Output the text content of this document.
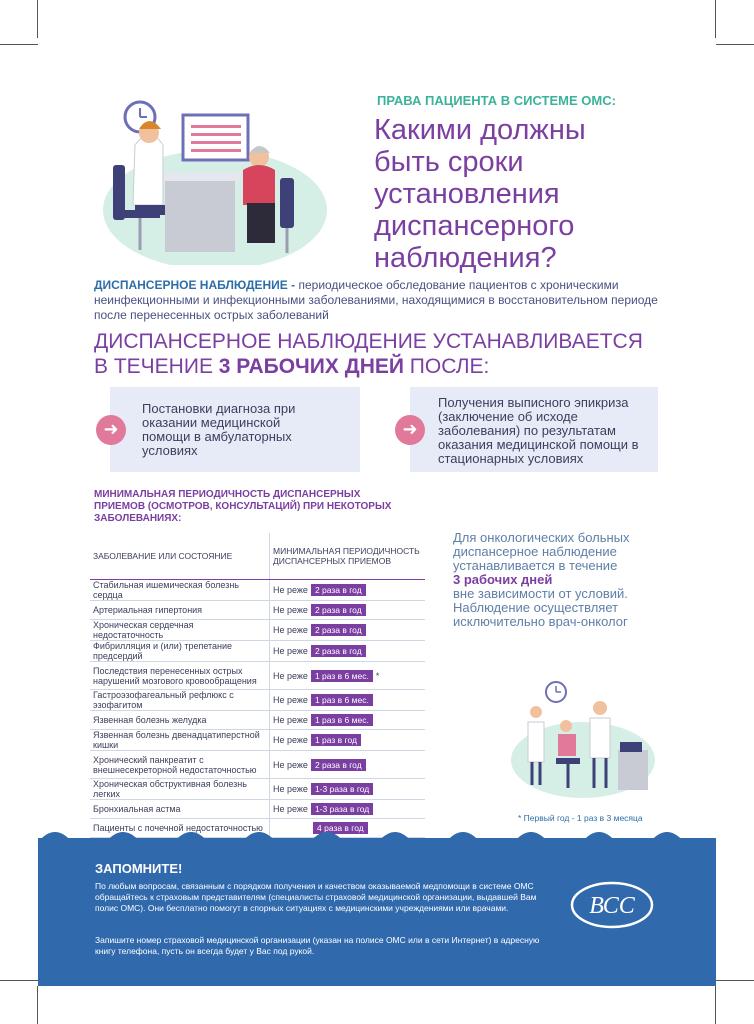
ПРАВА ПАЦИЕНТА В СИСТЕМЕ ОМС:
Какими должны
быть сроки
установления
диспансерного
наблюдения?
ДИСПАНСЕРНОЕ НАБЛЮДЕНИЕ - периодическое обследование пациентов с хроническими неинфекционными и инфекционными заболеваниями, находящимися в восстановительном периоде после перенесенных острых заболеваний
ДИСПАНСЕРНОЕ НАБЛЮДЕНИЕ УСТАНАВЛИВАЕТСЯ
В ТЕЧЕНИЕ 3 РАБОЧИХ ДНЕЙ ПОСЛЕ:
Постановки диагноза при оказании медицинской помощи в амбулаторных условиях
➜
Получения выписного эпикриза (заключение об исходе заболевания) по результатам оказания медицинской помощи в стационарных условиях
➜
МИНИМАЛЬНАЯ ПЕРИОДИЧНОСТЬ ДИСПАНСЕРНЫХ ПРИЕМОВ (ОСМОТРОВ, КОНСУЛЬТАЦИЙ) ПРИ НЕКОТОРЫХ ЗАБОЛЕВАНИЯХ:
ЗАБОЛЕВАНИЕ ИЛИ СОСТОЯНИЕ	МИНИМАЛЬНАЯ ПЕРИОДИЧНОСТЬ ДИСПАНСЕРНЫХ ПРИЕМОВ
Стабильная ишемическая болезнь сердца	Не реже 2 раза в год
Артериальная гипертония	Не реже 2 раза в год
Хроническая сердечная недостаточность	Не реже 2 раза в год
Фибрилляция и (или) трепетание предсердий	Не реже 2 раза в год
Последствия перенесенных острых нарушений мозгового кровообращения	Не реже 1 раз в 6 мес. *
Гастроэзофагеальный рефлюкс с эзофагитом	Не реже 1 раз в 6 мес.
Язвенная болезнь желудка	Не реже 1 раз в 6 мес.
Язвенная болезнь двенадцатиперстной кишки	Не реже 1 раз в год
Хронический панкреатит с внешнесекреторной недостаточностью	Не реже 2 раза в год
Хроническая обструктивная болезнь легких	Не реже 1-3 раза в год
Бронхиальная астма	Не реже 1-3 раза в год
Пациенты с почечной недостаточностью	4 раза в год
Для онкологических больных диспансерное наблюдение устанавливается в течение
3 рабочих дней
вне зависимости от условий. Наблюдение осуществляет исключительно врач-онколог
* Первый год - 1 раз в 3 месяца
ЗАПОМНИТЕ!
По любым вопросам, связанным с порядком получения и качеством оказываемой медпомощи в системе ОМС обращайтесь к страховым представителям (специалисты страховой медицинской организации, выдавшей Вам полис ОМС). Они бесплатно помогут в спорных ситуациях с медицинскими учреждениями или врачами.
Запишите номер страховой медицинской организации (указан на полисе ОМС или в сети Интернет) в адресную книгу телефона, пусть он всегда будет у Вас под рукой.
ВСС
